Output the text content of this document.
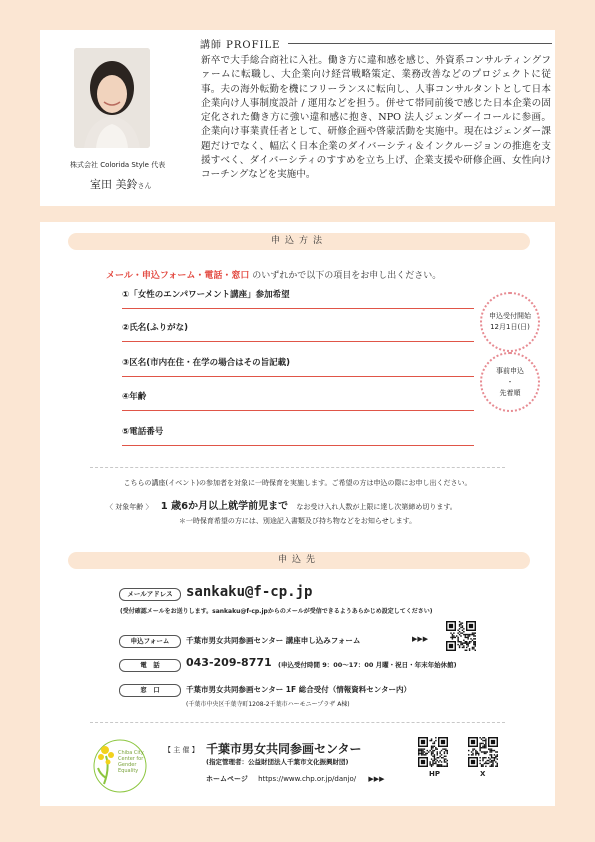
講師 PROFILE
新卒で大手総合商社に入社。働き方に違和感を感じ、外資系コンサルティングファームに転職し、大企業向け経営戦略策定、業務改善などのプロジェクトに従事。夫の海外転勤を機にフリーランスに転向し、人事コンサルタントとして日本企業向け人事制度設計 / 運用などを担う。併せて帯同前後で感じた日本企業の固定化された働き方に強い違和感に抱き、NPO 法人ジェンダーイコールに参画。企業向け事業責任者として、研修企画や啓蒙活動を実施中。現在はジェンダー課題だけでなく、幅広く日本企業のダイバーシティ＆インクルージョンの推進を支援すべく、ダイバーシティのすすめを立ち上げ、企業支援や研修企画、女性向けコーチングなどを実施中。
株式会社 Colorida Style 代表
室田 美鈴さん
申込方法
メール・申込フォーム・電話・窓口 のいずれかで以下の項目をお申し出ください。
①「女性のエンパワーメント講座」参加希望
②氏名(ふりがな)
③区名(市内在住・在学の場合はその旨記載)
④年齢
⑤電話番号
申込受付開始
12月1日(日)
事前申込
・
先着順
こちらの講座(イベント)の参加者を対象に一時保育を実施します。ご希望の方は申込の際にお申し出ください。
〈 対象年齢 〉 1 歳6か月以上就学前児まで なお受け入れ人数が上限に達し次第締め切ります。
＊一時保育希望の方には、別途記入書類及び持ち物などをお知らせします。
申込先
メールアドレス sankaku@f-cp.jp
(受付確認メールをお送りします。sankaku@f-cp.jpからのメールが受信できるようあらかじめ設定してください)
申込フォーム	千葉市男女共同参画センター 講座申し込みフォーム	▶▶▶
電　話	043-209-8771 (申込受付時間 9：00～17：00 月曜・祝日・年末年始休館)
窓　口	千葉市男女共同参画センター 1F 総合受付（情報資料センター内）
(千葉市中央区千葉寺町1208-2千葉市ハーモニープラザ A棟)
Chiba City
Center for
Gender
Equality
【 主 催 】 千葉市男女共同参画センター
(指定管理者：公益財団法人千葉市文化振興財団)
ホームページ https://www.chp.or.jp/danjo/ ▶▶▶
HP	X
